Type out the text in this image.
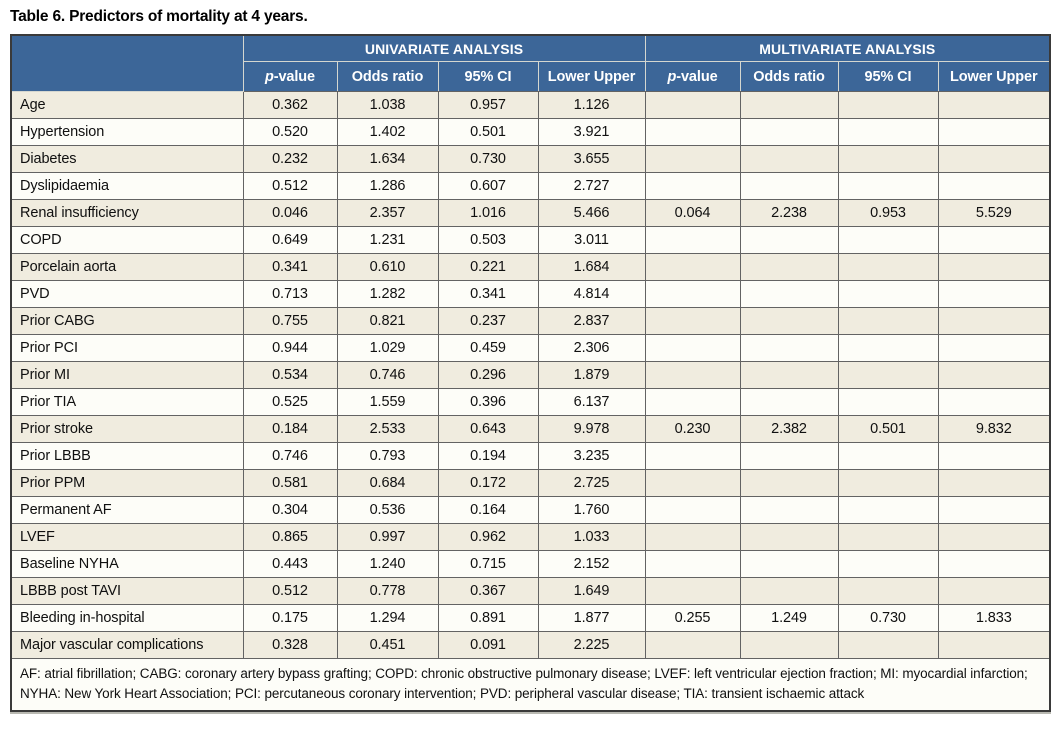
Table 6. Predictors of mortality at 4 years.
	UNIVARIATE ANALYSIS				MULTIVARIATE ANALYSIS			
	p-value	Odds ratio	95% CI	Lower Upper	p-value	Odds ratio	95% CI	Lower Upper
Age	0.362	1.038	0.957	1.126				
Hypertension	0.520	1.402	0.501	3.921				
Diabetes	0.232	1.634	0.730	3.655				
Dyslipidaemia	0.512	1.286	0.607	2.727				
Renal insufficiency	0.046	2.357	1.016	5.466	0.064	2.238	0.953	5.529
COPD	0.649	1.231	0.503	3.011				
Porcelain aorta	0.341	0.610	0.221	1.684				
PVD	0.713	1.282	0.341	4.814				
Prior CABG	0.755	0.821	0.237	2.837				
Prior PCI	0.944	1.029	0.459	2.306				
Prior MI	0.534	0.746	0.296	1.879				
Prior TIA	0.525	1.559	0.396	6.137				
Prior stroke	0.184	2.533	0.643	9.978	0.230	2.382	0.501	9.832
Prior LBBB	0.746	0.793	0.194	3.235				
Prior PPM	0.581	0.684	0.172	2.725				
Permanent AF	0.304	0.536	0.164	1.760				
LVEF	0.865	0.997	0.962	1.033				
Baseline NYHA	0.443	1.240	0.715	2.152				
LBBB post TAVI	0.512	0.778	0.367	1.649				
Bleeding in-hospital	0.175	1.294	0.891	1.877	0.255	1.249	0.730	1.833
Major vascular complications	0.328	0.451	0.091	2.225				
AF: atrial fibrillation; CABG: coronary artery bypass grafting; COPD: chronic obstructive pulmonary disease; LVEF: left ventricular ejection fraction; MI: myocardial infarction; NYHA: New York Heart Association; PCI: percutaneous coronary intervention; PVD: peripheral vascular disease; TIA: transient ischaemic attack								
